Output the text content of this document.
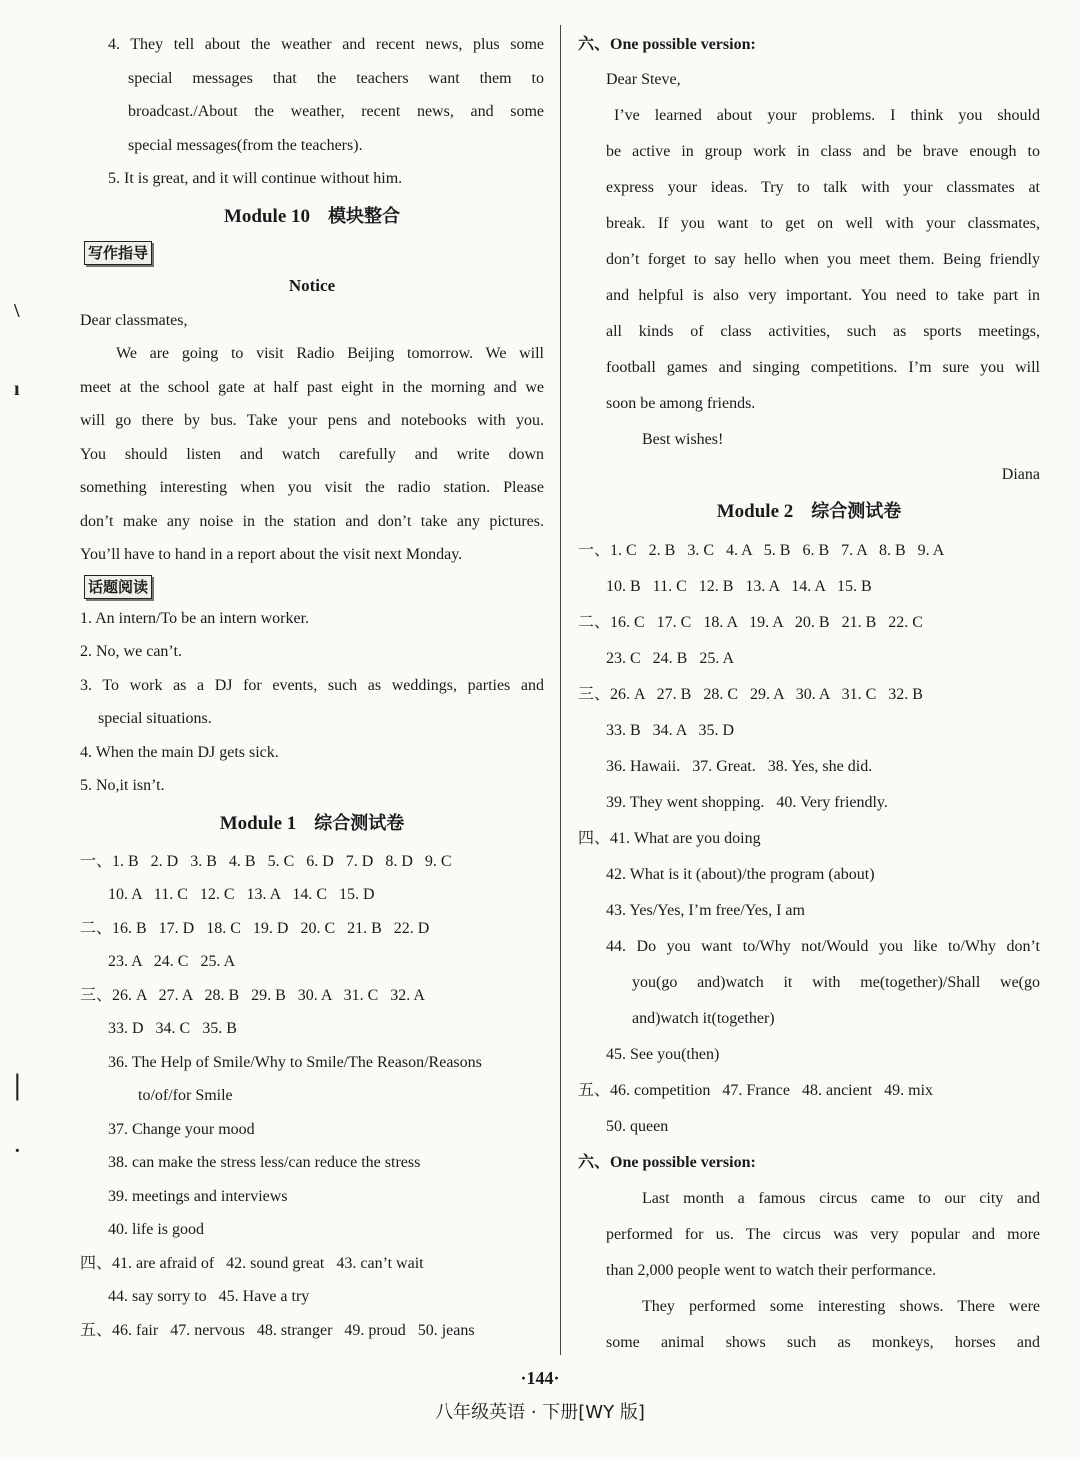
\
ı
|
·
4. They tell about the weather and recent news, plus some
special messages that the teachers want them to
broadcast./About the weather, recent news, and some
special messages(from the teachers).
5. It is great, and it will continue without him.
Module 10 模块整合
写作指导
Notice
Dear classmates,
We are going to visit Radio Beijing tomorrow. We will
meet at the school gate at half past eight in the morning and we
will go there by bus. Take your pens and notebooks with you.
You should listen and watch carefully and write down
something interesting when you visit the radio station. Please
don’t make any noise in the station and don’t take any pictures.
You’ll have to hand in a report about the visit next Monday.
话题阅读
1. An intern/To be an intern worker.
2. No, we can’t.
3. To work as a DJ for events, such as weddings, parties and
special situations.
4. When the main DJ gets sick.
5. No,it isn’t.
Module 1 综合测试卷
一、1. B   2. D   3. B   4. B   5. C   6. D   7. D   8. D   9. C
10. A   11. C   12. C   13. A   14. C   15. D
二、16. B   17. D   18. C   19. D   20. C   21. B   22. D
23. A   24. C   25. A
三、26. A   27. A   28. B   29. B   30. A   31. C   32. A
33. D   34. C   35. B
36. The Help of Smile/Why to Smile/The Reason/Reasons
to/of/for Smile
37. Change your mood
38. can make the stress less/can reduce the stress
39. meetings and interviews
40. life is good
四、41. are afraid of   42. sound great   43. can’t wait
44. say sorry to   45. Have a try
五、46. fair   47. nervous   48. stranger   49. proud   50. jeans
六、One possible version:
Dear Steve,
I’ve learned about your problems. I think you should
be active in group work in class and be brave enough to
express your ideas. Try to talk with your classmates at
break. If you want to get on well with your classmates,
don’t forget to say hello when you meet them. Being friendly
and helpful is also very important. You need to take part in
all kinds of class activities, such as sports meetings,
football games and singing competitions. I’m sure you will
soon be among friends.
Best wishes!
Diana
Module 2 综合测试卷
一、1. C   2. B   3. C   4. A   5. B   6. B   7. A   8. B   9. A
10. B   11. C   12. B   13. A   14. A   15. B
二、16. C   17. C   18. A   19. A   20. B   21. B   22. C
23. C   24. B   25. A
三、26. A   27. B   28. C   29. A   30. A   31. C   32. B
33. B   34. A   35. D
36. Hawaii.   37. Great.   38. Yes, she did.
39. They went shopping.   40. Very friendly.
四、41. What are you doing
42. What is it (about)/the program (about)
43. Yes/Yes, I’m free/Yes, I am
44. Do you want to/Why not/Would you like to/Why don’t
you(go and)watch it with me(together)/Shall we(go
and)watch it(together)
45. See you(then)
五、46. competition   47. France   48. ancient   49. mix
50. queen
六、One possible version:
Last month a famous circus came to our city and
performed for us. The circus was very popular and more
than 2,000 people went to watch their performance.
They performed some interesting shows. There were
some animal shows such as monkeys, horses and
·144·
八年级英语 · 下册[WY 版]
